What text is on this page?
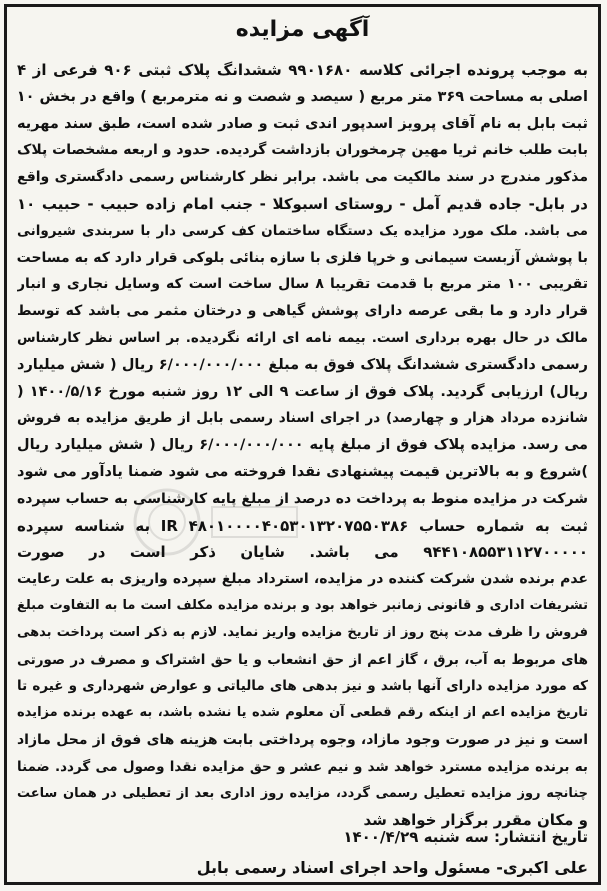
آگهی مزایده
به موجب پرونده اجرائی کلاسه ۹۹۰۱۶۸۰ ششدانگ پلاک ثبتی ۹۰۶ فرعی از ۴
اصلی به مساحت ۳۶۹ متر مربع ( سیصد و شصت و نه مترمربع ) واقع در بخش ۱۰
ثبت بابل به نام آقای پرویز اسدپور اندی ثبت و صادر شده است، طبق سند مهریه
بابت طلب خانم ثریا مهین چرمخوران بازداشت گردیده. حدود و اربعه مشخصات پلاک
مذکور مندرج در سند مالکیت می باشد. برابر نظر کارشناس رسمی دادگستری واقع
در بابل- جاده قدیم آمل - روستای اسبوکلا - جنب امام زاده حبیب - حبیب ۱۰
می باشد. ملک مورد مزایده یک دستگاه ساختمان کف کرسی دار با سربندی شیروانی
با پوشش آزبست سیمانی و خرپا فلزی با سازه بنائی بلوکی قرار دارد که به مساحت
تقریبی ۱۰۰ متر مربع با قدمت تقریبا ۸ سال ساخت است که وسایل نجاری و انبار
قرار دارد و ما بقی عرصه دارای پوشش گیاهی و درختان مثمر می باشد که توسط
مالک در حال بهره برداری است. بیمه نامه ای ارائه نگردیده. بر اساس نظر کارشناس
رسمی دادگستری ششدانگ پلاک فوق به مبلغ ۶/۰۰۰/۰۰۰/۰۰۰ ریال ( شش میلیارد
ریال) ارزیابی گردید. پلاک فوق از ساعت ۹ الی ۱۲ روز شنبه مورخ ۱۴۰۰/۵/۱۶ (
شانزده مرداد هزار و چهارصد) در اجرای اسناد رسمی بابل از طریق مزایده به فروش
می رسد. مزایده پلاک فوق از مبلغ پایه ۶/۰۰۰/۰۰۰/۰۰۰ ریال ( شش میلیارد ریال
)شروع و به بالاترین قیمت پیشنهادی نقدا فروخته می شود ضمنا یادآور می شود
شرکت در مزایده منوط به پرداخت ده درصد از مبلغ پایه کارشناسی به حساب سپرده
ثبت به شماره حساب IR ۴۸۰۱۰۰۰۰۴۰۵۳۰۱۳۲۰۷۵۵۰۳۸۶ به شناسه سپرده
۹۴۴۱۰۸۵۵۳۱۱۲۷۰۰۰۰۰ می باشد. شایان ذکر است در صورت
عدم برنده شدن شرکت کننده در مزایده، استرداد مبلغ سپرده واریزی به علت رعایت
تشریفات اداری و قانونی زمانبر خواهد بود و برنده مزایده مکلف است ما به التفاوت مبلغ
فروش را ظرف مدت پنج روز از تاریخ مزایده واریز نماید. لازم به ذکر است پرداخت بدهی
های مربوط به آب، برق ، گاز اعم از حق انشعاب و یا حق اشتراک و مصرف در صورتی
که مورد مزایده دارای آنها باشد و نیز بدهی های مالیاتی و عوارض شهرداری و غیره تا
تاریخ مزایده اعم از اینکه رقم قطعی آن معلوم شده یا نشده باشد، به عهده برنده مزایده
است و نیز در صورت وجود مازاد، وجوه پرداختی بابت هزینه های فوق از محل مازاد
به برنده مزایده مسترد خواهد شد و نیم عشر و حق مزایده نقدا وصول می گردد. ضمنا
چنانچه روز مزایده تعطیل رسمی گردد، مزایده روز اداری بعد از تعطیلی در همان ساعت
و مکان مقرر برگزار خواهد شد
تاریخ انتشار: سه شنبه ۱۴۰۰/۴/۲۹
علی اکبری- مسئول واحد اجرای اسناد رسمی بابل
